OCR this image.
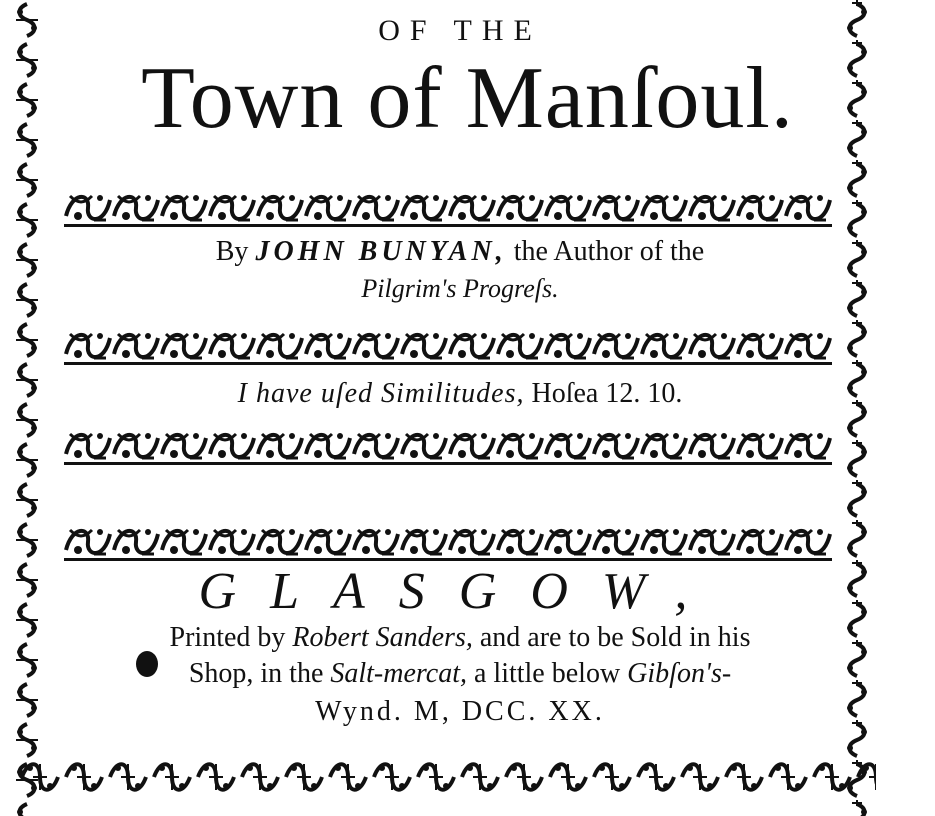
OF THE
Town of Manſoul.
By JOHN BUNYAN, the Author of the
Pilgrim's Progreſs.
I have uſed Similitudes, Hoſea 12. 10.
GLASGOW,
Printed by Robert Sanders, and are to be Sold in his
Shop, in the Salt-mercat, a little below Gibſon's-
Wynd. M, DCC. XX.
